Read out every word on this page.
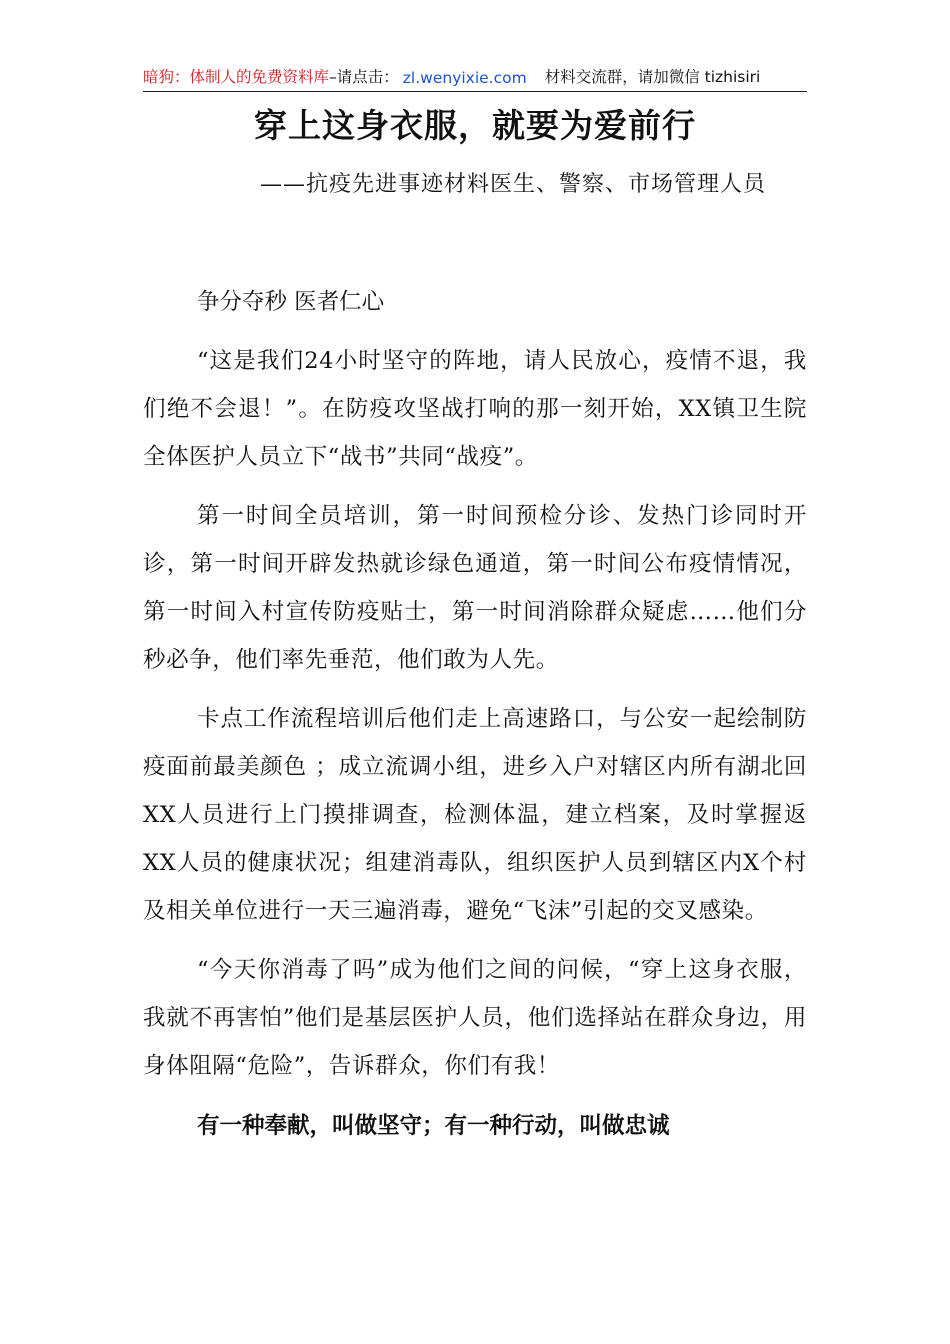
暗狗：体制人的免费资料库 –请点击： zl.wenyixie.com 材料交流群，请加微信 tizhisiri
穿上这身衣服，就要为爱前行
——抗疫先进事迹材料医生、警察、市场管理人员
争分夺秒 医者仁心

“这是我们24小时坚守的阵地，请人民放心，疫情不退，我们绝不会退！”。在防疫攻坚战打响的那一刻开始，XX镇卫生院全体医护人员立下“战书”共同“战疫”。

第一时间全员培训，第一时间预检分诊、发热门诊同时开诊，第一时间开辟发热就诊绿色通道，第一时间公布疫情情况，第一时间入村宣传防疫贴士，第一时间消除群众疑虑……他们分秒必争，他们率先垂范，他们敢为人先。

卡点工作流程培训后他们走上高速路口，与公安一起绘制防疫面前最美颜色 ；成立流调小组，进乡入户对辖区内所有湖北回XX人员进行上门摸排调查，检测体温，建立档案，及时掌握返XX人员的健康状况；组建消毒队，组织医护人员到辖区内X个村及相关单位进行一天三遍消毒，避免“飞沫”引起的交叉感染。

“今天你消毒了吗”成为他们之间的问候，“穿上这身衣服，我就不再害怕”他们是基层医护人员，他们选择站在群众身边，用身体阻隔“危险”，告诉群众，你们有我！

有一种奉献，叫做坚守；有一种行动，叫做忠诚
